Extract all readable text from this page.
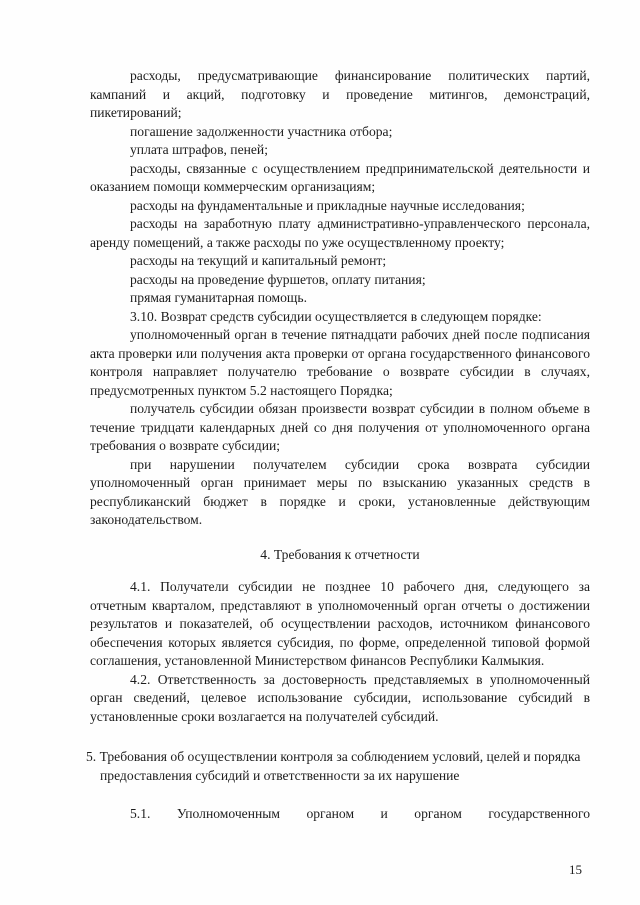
расходы, предусматривающие финансирование политических партий, кампаний и акций, подготовку и проведение митингов, демонстраций, пикетирований;

погашение задолженности участника отбора;

уплата штрафов, пеней;

расходы, связанные с осуществлением предпринимательской деятельности и оказанием помощи коммерческим организациям;

расходы на фундаментальные и прикладные научные исследования;

расходы на заработную плату административно-управленческого персонала, аренду помещений, а также расходы по уже осуществленному проекту;

расходы на текущий и капитальный ремонт;

расходы на проведение фуршетов, оплату питания;

прямая гуманитарная помощь.

3.10. Возврат средств субсидии осуществляется в следующем порядке:

уполномоченный орган в течение пятнадцати рабочих дней после подписания акта проверки или получения акта проверки от органа государственного финансового контроля направляет получателю требование о возврате субсидии в случаях, предусмотренных пунктом 5.2 настоящего Порядка;

получатель субсидии обязан произвести возврат субсидии в полном объеме в течение тридцати календарных дней со дня получения от уполномоченного органа требования о возврате субсидии;

при нарушении получателем субсидии срока возврата субсидии уполномоченный орган принимает меры по взысканию указанных средств в республиканский бюджет в порядке и сроки, установленные действующим законодательством.

4. Требования к отчетности

4.1. Получатели субсидии не позднее 10 рабочего дня, следующего за отчетным кварталом, представляют в уполномоченный орган отчеты о достижении результатов и показателей, об осуществлении расходов, источником финансового обеспечения которых является субсидия, по форме, определенной типовой формой соглашения, установленной Министерством финансов Республики Калмыкия.

4.2. Ответственность за достоверность представляемых в уполномоченный орган сведений, целевое использование субсидии, использование субсидий в установленные сроки возлагается на получателей субсидий.

5. Требования об осуществлении контроля за соблюдением условий, целей и порядка предоставления субсидий и ответственности за их нарушение

5.1. Уполномоченным органом и органом государственного

15
